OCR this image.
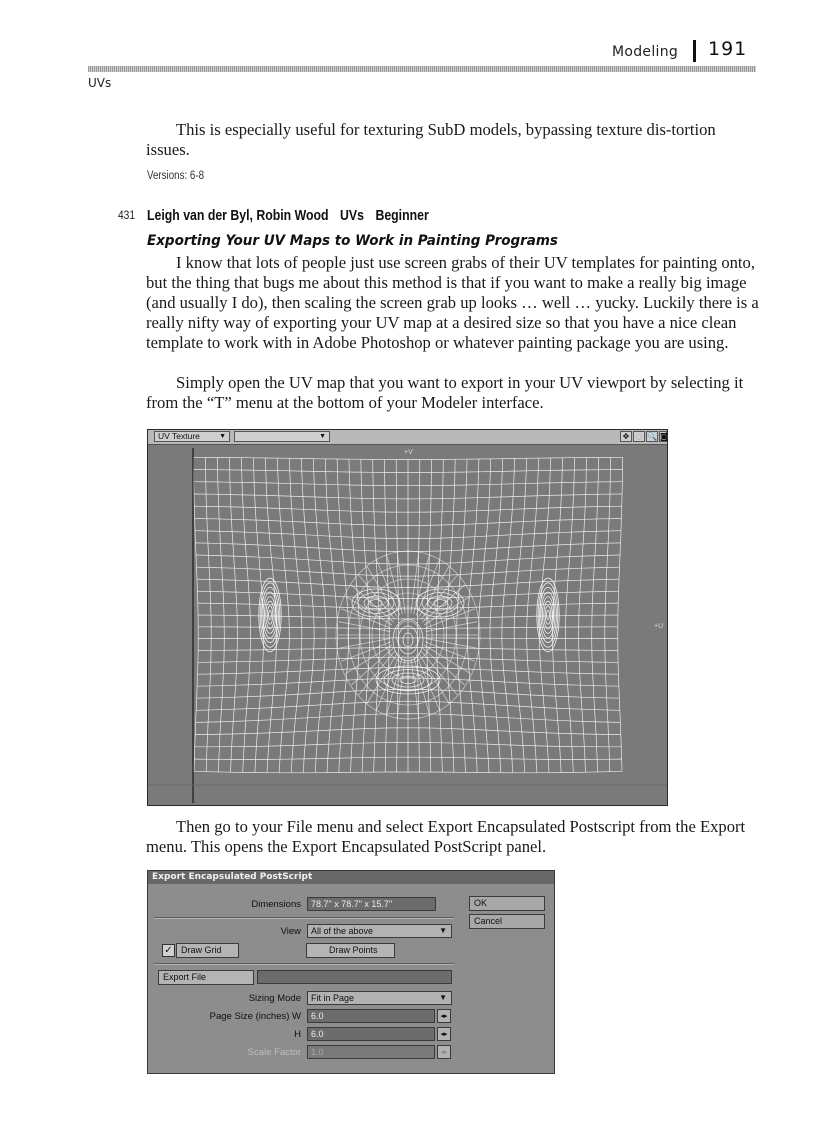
Modeling 191
UVs
This is especially useful for texturing SubD models, bypassing texture dis-tortion issues.
Versions: 6-8
431 Leigh van der Byl, Robin Wood UVs Beginner
Exporting Your UV Maps to Work in Painting Programs
I know that lots of people just use screen grabs of their UV templates for painting onto, but the thing that bugs me about this method is that if you want to make a really big image (and usually I do), then scaling the screen grab up looks … well … yucky. Luckily there is a really nifty way of exporting your UV map at a desired size so that you have a nice clean template to work with in Adobe Photoshop or whatever painting package you are using.
Simply open the UV map that you want to export in your UV viewport by selecting it from the “T” menu at the bottom of your Modeler interface.
UV Texture	▼	▼	✥ ◌ 🔍 ◙
+V
+U
Then go to your File menu and select Export Encapsulated Postscript from the Export menu. This opens the Export Encapsulated PostScript panel.
Export Encapsulated PostScript
Dimensions	78.7" x 78.7" x 15.7"	OK
Cancel
View	All of the above	▼
✓ Draw Grid	Draw Points
Export File
Sizing Mode	Fit in Page	▼
Page Size (inches) W	6.0	◂▸
H	6.0	◂▸
Scale Factor	1.0	◂▸
